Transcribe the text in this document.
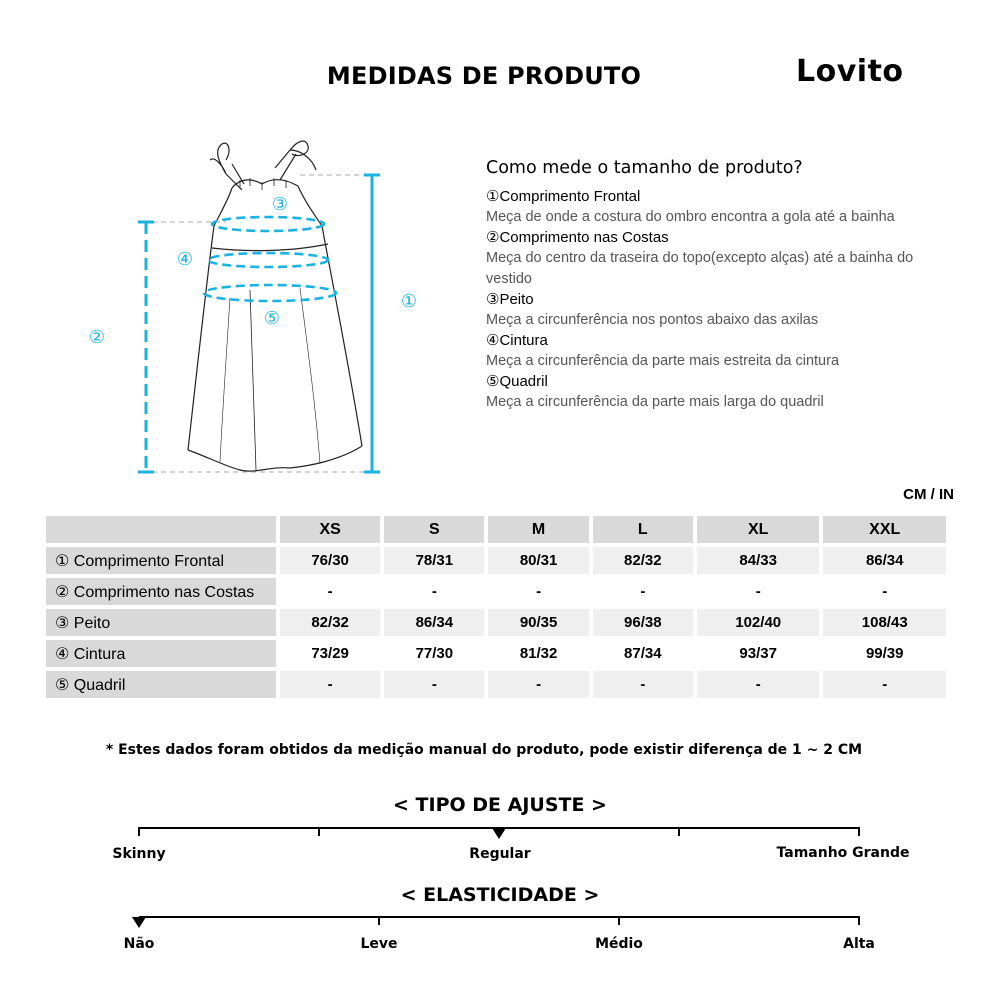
MEDIDAS DE PRODUTO	Lovito
①
②
③
④
⑤
Como mede o tamanho de produto?
①Comprimento Frontal
Meça de onde a costura do ombro encontra a gola até a bainha
②Comprimento nas Costas
Meça do centro da traseira do topo(excepto alças) até a bainha do vestido
③Peito
Meça a circunferência nos pontos abaixo das axilas
④Cintura
Meça a circunferência da parte mais estreita da cintura
⑤Quadril
Meça a circunferência da parte mais larga do quadril
CM / IN
	XS	S	M	L	XL	XXL
① Comprimento Frontal	76/30	78/31	80/31	82/32	84/33	86/34
② Comprimento nas Costas	-	-	-	-	-	-
③ Peito	82/32	86/34	90/35	96/38	102/40	108/43
④ Cintura	73/29	77/30	81/32	87/34	93/37	99/39
⑤ Quadril	-	-	-	-	-	-
* Estes dados foram obtidos da medição manual do produto, pode existir diferença de 1 ~ 2 CM
< TIPO DE AJUSTE >
Skinny	Regular	Tamanho Grande
< ELASTICIDADE >
Não	Leve	Médio	Alta
